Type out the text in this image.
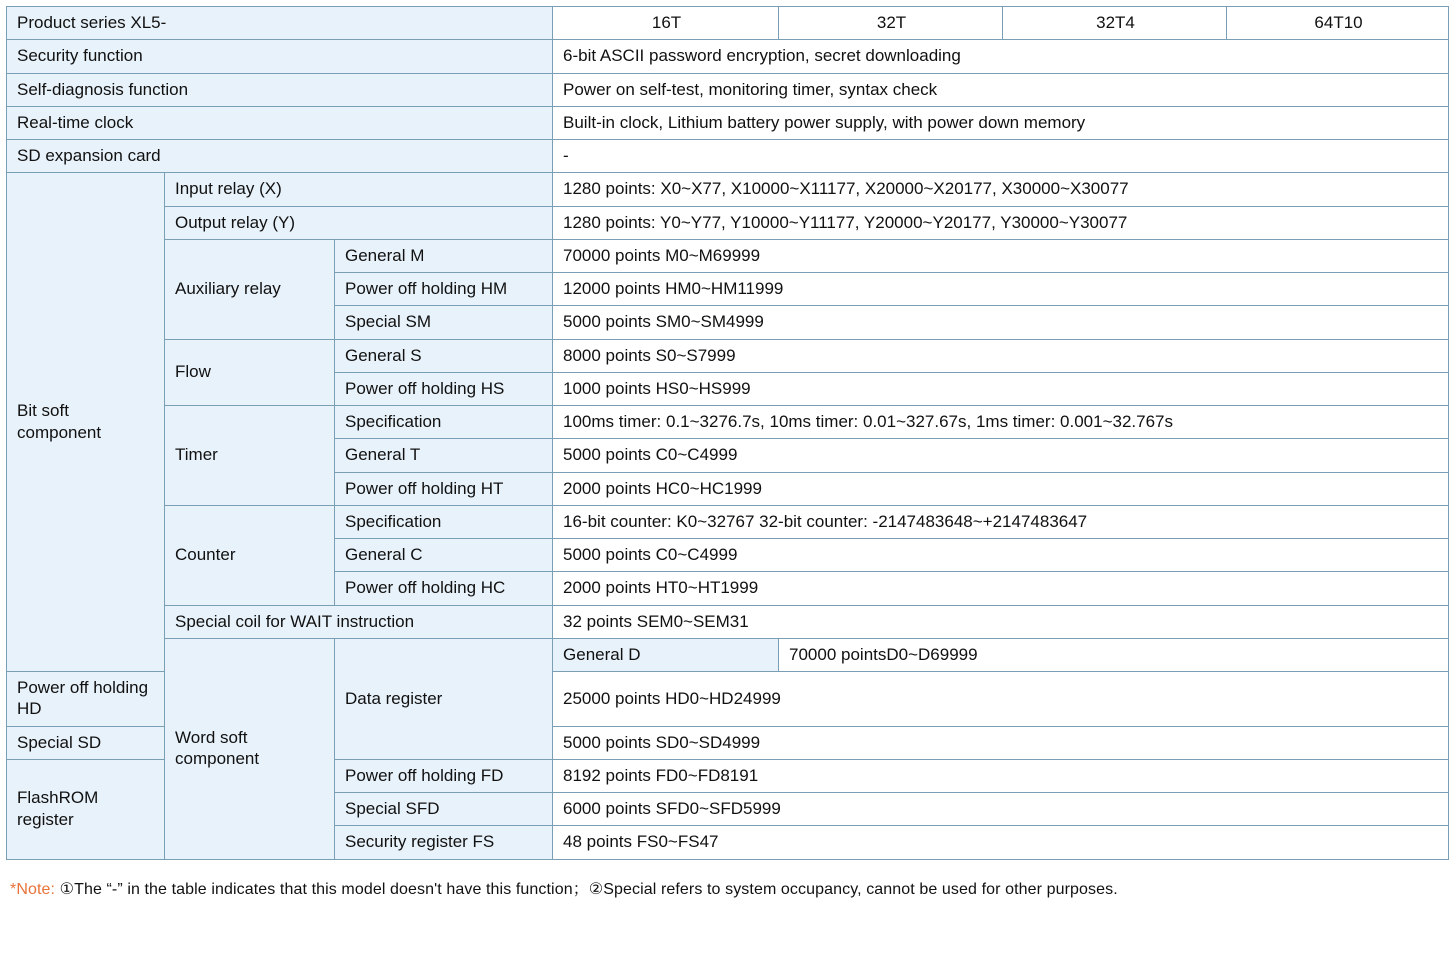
Product series XL5-			16T	32T	32T4	64T10
Security function			6-bit ASCII password encryption, secret downloading			
Self-diagnosis function			Power on self-test, monitoring timer, syntax check			
Real-time clock			Built-in clock, Lithium battery power supply, with power down memory			
SD expansion card			-			
Bit soft component	Input relay (X)		1280 points: X0~X77, X10000~X11177, X20000~X20177, X30000~X30077			
	Output relay (Y)		1280 points: Y0~Y77, Y10000~Y11177, Y20000~Y20177, Y30000~Y30077			
	Auxiliary relay	General M	70000 points M0~M69999			
		Power off holding HM	12000 points HM0~HM11999			
		Special SM	5000 points SM0~SM4999			
	Flow	General S	8000 points S0~S7999			
		Power off holding HS	1000 points HS0~HS999			
	Timer	Specification	100ms timer: 0.1~3276.7s, 10ms timer: 0.01~327.67s, 1ms timer: 0.001~32.767s			
		General T	5000 points C0~C4999			
		Power off holding HT	2000 points HC0~HC1999			
	Counter	Specification	16-bit counter: K0~32767 32-bit counter: -2147483648~+2147483647			
		General C	5000 points C0~C4999			
		Power off holding HC	2000 points HT0~HT1999			
	Special coil for WAIT instruction		32 points SEM0~SEM31			
	Word soft component	Data register	General D	70000 pointsD0~D69999		
Power off holding HD			25000 points HD0~HD24999			
Special SD			5000 points SD0~SD4999			
FlashROM register		Power off holding FD	8192 points FD0~FD8191			
		Special SFD	6000 points SFD0~SFD5999			
		Security register FS	48 points FS0~FS47			
*Note: ①The “-” in the table indicates that this model doesn't have this function；②Special refers to system occupancy, cannot be used for other purposes.
